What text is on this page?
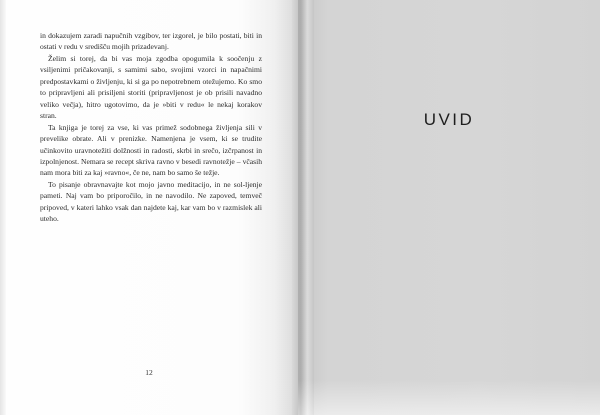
in dokazujem zaradi napučnih vzgibov, ter izgorel, je bilo postati, biti in ostati v redu v središču mojih prizadevanj.

Želim si torej, da bi vas moja zgodba opogumila k soočenju z vsiljenimi pričakovanji, s samimi sabo, svojimi vzorci in napačnimi predpostavkami o življenju, ki si ga po nepotrebnem otežujemo. Ko smo to pripravljeni ali prisiljeni storiti (pripravljenost je ob prisili navadno veliko večja), hitro ugotovimo, da je »biti v redu« le nekaj korakov stran.

Ta knjiga je torej za vse, ki vas primež sodobnega življenja sili v prevelike obrate. Ali v prenizke. Namenjena je vsem, ki se trudite učinkovito uravnotežiti dolžnosti in radosti, skrbi in srečo, izčrpanost in izpolnjenost. Nemara se recept skriva ravno v besedi ravnotežje – včasih nam mora biti za kaj »ravno«, če ne, nam bo samo še težje.

To pisanje obravnavajte kot mojo javno meditacijo, in ne sol-ljenje pameti. Naj vam bo priporočilo, in ne navodilo. Ne zapoved, temveč pripoved, v kateri lahko vsak dan najdete kaj, kar vam bo v razmislek ali uteho.

12
UVID
